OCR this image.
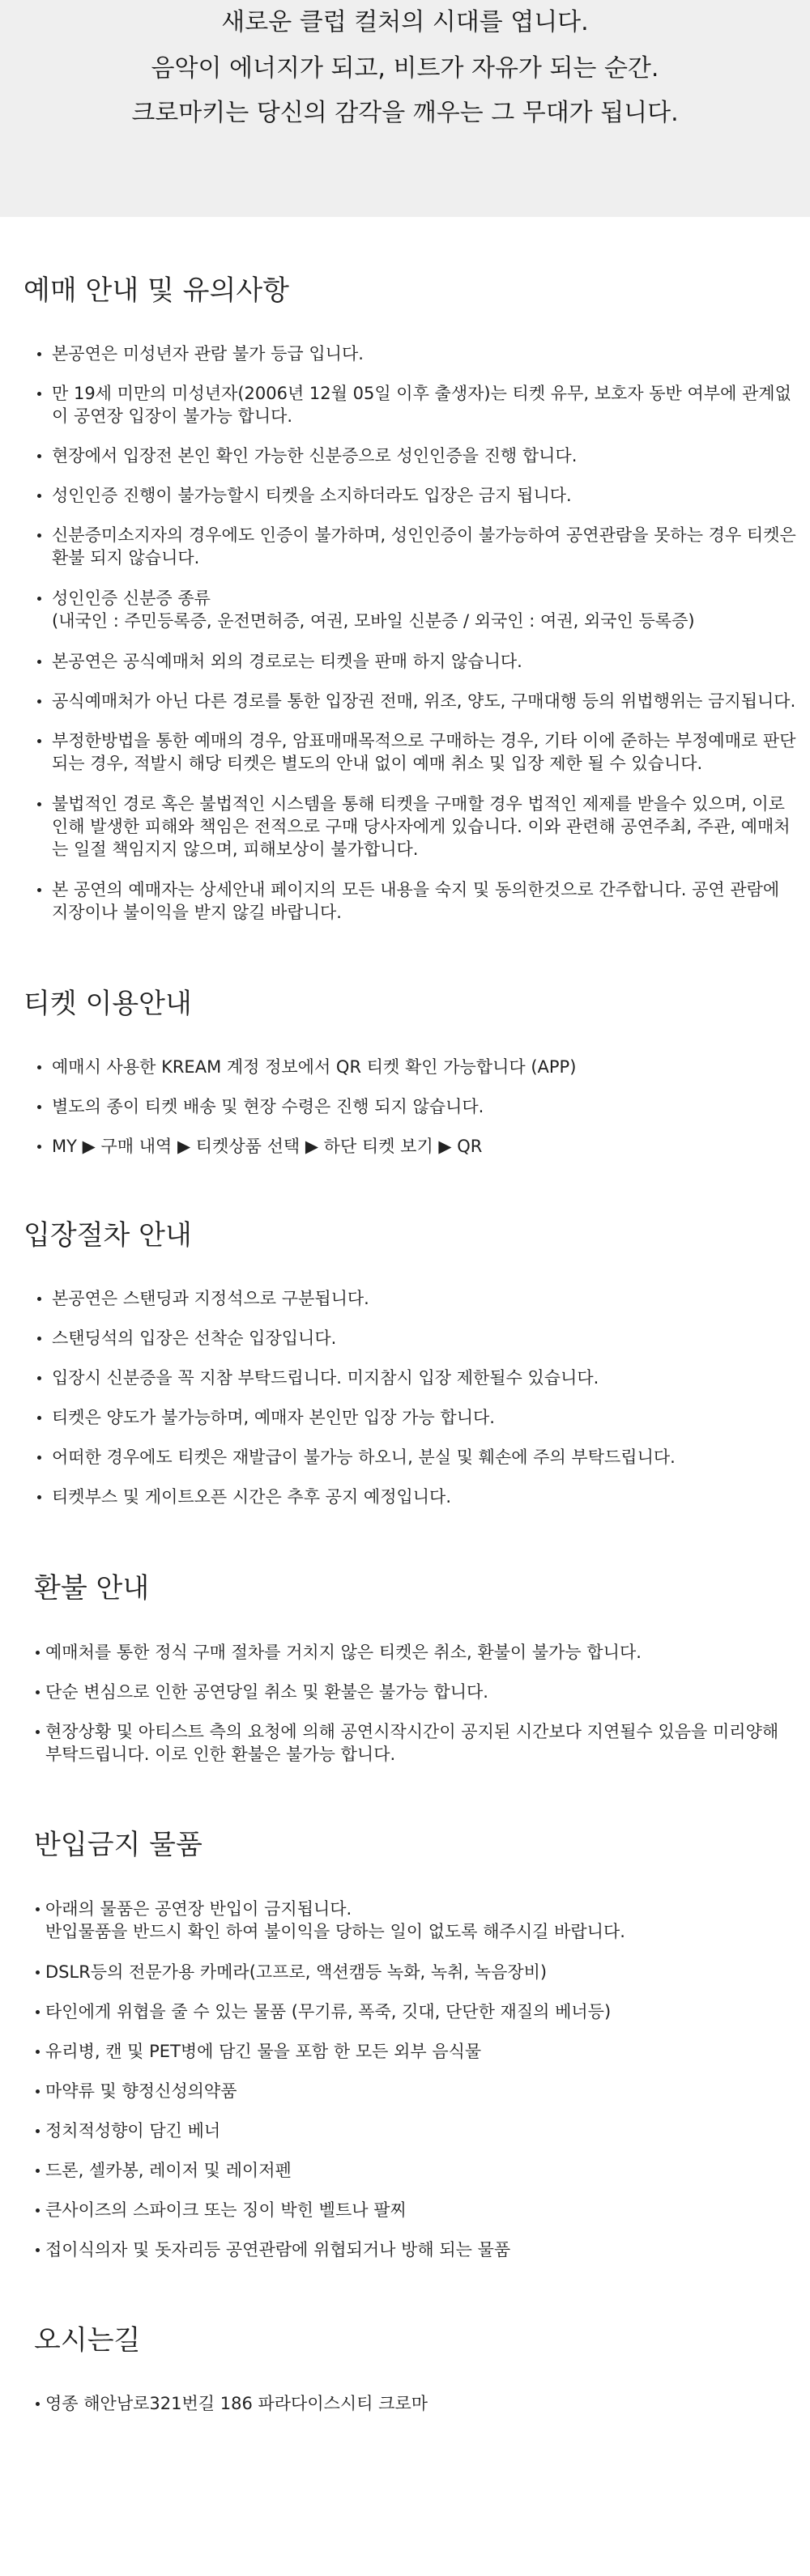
새로운 클럽 컬처의 시대를 엽니다.
음악이 에너지가 되고, 비트가 자유가 되는 순간.
크로마키는 당신의 감각을 깨우는 그 무대가 됩니다.
예매 안내 및 유의사항
본공연은 미성년자 관람 불가 등급 입니다.
만 19세 미만의 미성년자(2006년 12월 05일 이후 출생자)는 티켓 유무, 보호자 동반 여부에 관계없
이 공연장 입장이 불가능 합니다.
현장에서 입장전 본인 확인 가능한 신분증으로 성인인증을 진행 합니다.
성인인증 진행이 불가능할시 티켓을 소지하더라도 입장은 금지 됩니다.
신분증미소지자의 경우에도 인증이 불가하며, 성인인증이 불가능하여 공연관람을 못하는 경우 티켓은
환불 되지 않습니다.
성인인증 신분증 종류
(내국인 : 주민등록증, 운전면허증, 여권, 모바일 신분증 / 외국인 : 여권, 외국인 등록증)
본공연은 공식예매처 외의 경로로는 티켓을 판매 하지 않습니다.
공식예매처가 아닌 다른 경로를 통한 입장권 전매, 위조, 양도, 구매대행 등의 위법행위는 금지됩니다.
부정한방법을 통한 예매의 경우, 암표매매목적으로 구매하는 경우, 기타 이에 준하는 부정예매로 판단
되는 경우, 적발시 해당 티켓은 별도의 안내 없이 예매 취소 및 입장 제한 될 수 있습니다.
불법적인 경로 혹은 불법적인 시스템을 통해 티켓을 구매할 경우 법적인 제제를 받을수 있으며, 이로
인해 발생한 피해와 책임은 전적으로 구매 당사자에게 있습니다. 이와 관련해 공연주최, 주관, 예매처
는 일절 책임지지 않으며, 피해보상이 불가합니다.
본 공연의 예매자는 상세안내 페이지의 모든 내용을 숙지 및 동의한것으로 간주합니다. 공연 관람에
지장이나 불이익을 받지 않길 바랍니다.
티켓 이용안내
예매시 사용한 KREAM 계정 정보에서 QR 티켓 확인 가능합니다 (APP)
별도의 종이 티켓 배송 및 현장 수령은 진행 되지 않습니다.
MY ▶ 구매 내역 ▶ 티켓상품 선택 ▶ 하단 티켓 보기 ▶ QR
입장절차 안내
본공연은 스탠딩과 지정석으로 구분됩니다.
스탠딩석의 입장은 선착순 입장입니다.
입장시 신분증을 꼭 지참 부탁드립니다. 미지참시 입장 제한될수 있습니다.
티켓은 양도가 불가능하며, 예매자 본인만 입장 가능 합니다.
어떠한 경우에도 티켓은 재발급이 불가능 하오니, 분실 및 훼손에 주의 부탁드립니다.
티켓부스 및 게이트오픈 시간은 추후 공지 예정입니다.
환불 안내
예매처를 통한 정식 구매 절차를 거치지 않은 티켓은 취소, 환불이 불가능 합니다.
단순 변심으로 인한 공연당일 취소 및 환불은 불가능 합니다.
현장상황 및 아티스트 측의 요청에 의해 공연시작시간이 공지된 시간보다 지연될수 있음을 미리양해
부탁드립니다. 이로 인한 환불은 불가능 합니다.
반입금지 물품
아래의 물품은 공연장 반입이 금지됩니다.
반입물품을 반드시 확인 하여 불이익을 당하는 일이 없도록 해주시길 바랍니다.
DSLR등의 전문가용 카메라(고프로, 액션캠등 녹화, 녹취, 녹음장비)
타인에게 위협을 줄 수 있는 물품 (무기류, 폭죽, 깃대, 단단한 재질의 베너등)
유리병, 캔 및 PET병에 담긴 물을 포함 한 모든 외부 음식물
마약류 및 향정신성의약품
정치적성향이 담긴 베너
드론, 셀카봉, 레이저 및 레이저펜
큰사이즈의 스파이크 또는 징이 박힌 벨트나 팔찌
접이식의자 및 돗자리등 공연관람에 위협되거나 방해 되는 물품
오시는길
영종 해안남로321번길 186 파라다이스시티 크로마
